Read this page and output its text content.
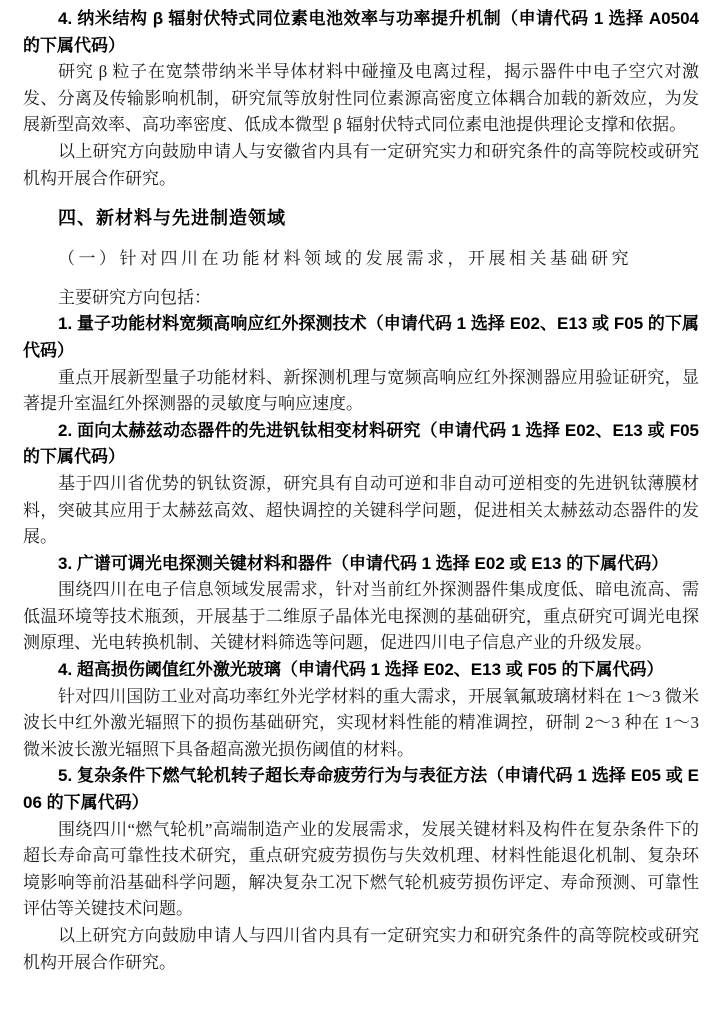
4. 纳米结构 β 辐射伏特式同位素电池效率与功率提升机制（申请代码 1 选择 A0504 的下属代码）

研究 β 粒子在宽禁带纳米半导体材料中碰撞及电离过程，揭示器件中电子空穴对激发、分离及传输影响机制，研究氚等放射性同位素源高密度立体耦合加载的新效应，为发展新型高效率、高功率密度、低成本微型 β 辐射伏特式同位素电池提供理论支撑和依据。

以上研究方向鼓励申请人与安徽省内具有一定研究实力和研究条件的高等院校或研究机构开展合作研究。

四、新材料与先进制造领域

（一）针对四川在功能材料领域的发展需求，开展相关基础研究

主要研究方向包括：

1. 量子功能材料宽频高响应红外探测技术（申请代码 1 选择 E02、E13 或 F05 的下属代码）

重点开展新型量子功能材料、新探测机理与宽频高响应红外探测器应用验证研究，显著提升室温红外探测器的灵敏度与响应速度。

2. 面向太赫兹动态器件的先进钒钛相变材料研究（申请代码 1 选择 E02、E13 或 F05 的下属代码）

基于四川省优势的钒钛资源，研究具有自动可逆和非自动可逆相变的先进钒钛薄膜材料，突破其应用于太赫兹高效、超快调控的关键科学问题，促进相关太赫兹动态器件的发展。

3. 广谱可调光电探测关键材料和器件（申请代码 1 选择 E02 或 E13 的下属代码）

围绕四川在电子信息领域发展需求，针对当前红外探测器件集成度低、暗电流高、需低温环境等技术瓶颈，开展基于二维原子晶体光电探测的基础研究，重点研究可调光电探测原理、光电转换机制、关键材料筛选等问题，促进四川电子信息产业的升级发展。

4. 超高损伤阈值红外激光玻璃（申请代码 1 选择 E02、E13 或 F05 的下属代码）

针对四川国防工业对高功率红外光学材料的重大需求，开展氧氟玻璃材料在 1～3 微米波长中红外激光辐照下的损伤基础研究，实现材料性能的精准调控，研制 2～3 种在 1～3 微米波长激光辐照下具备超高激光损伤阈值的材料。

5. 复杂条件下燃气轮机转子超长寿命疲劳行为与表征方法（申请代码 1 选择 E05 或 E06 的下属代码）

围绕四川“燃气轮机”高端制造产业的发展需求，发展关键材料及构件在复杂条件下的超长寿命高可靠性技术研究，重点研究疲劳损伤与失效机理、材料性能退化机制、复杂环境影响等前沿基础科学问题，解决复杂工况下燃气轮机疲劳损伤评定、寿命预测、可靠性评估等关键技术问题。

以上研究方向鼓励申请人与四川省内具有一定研究实力和研究条件的高等院校或研究机构开展合作研究。
